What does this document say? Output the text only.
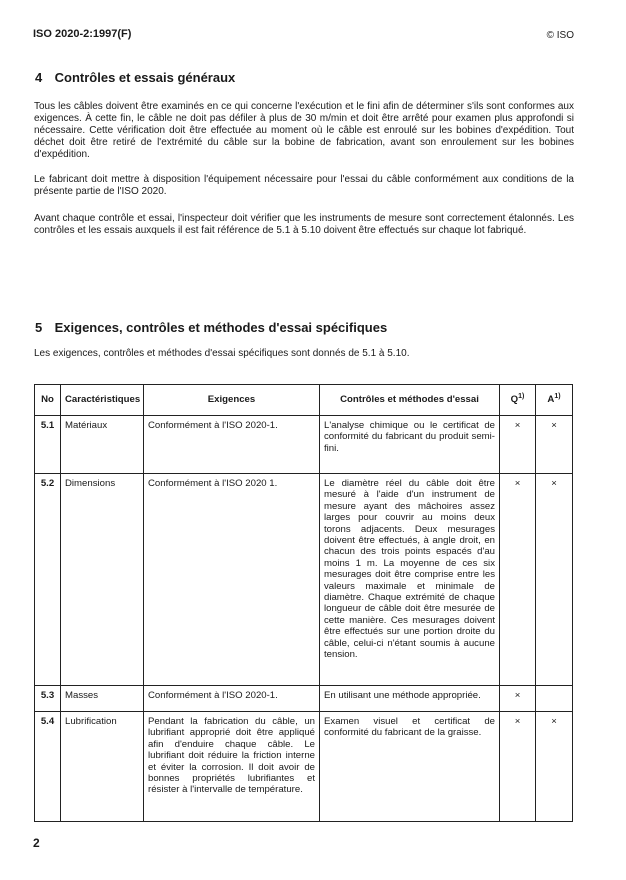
ISO 2020-2:1997(F)	© ISO
4 Contrôles et essais généraux

Tous les câbles doivent être examinés en ce qui concerne l'exécution et le fini afin de déterminer s'ils sont conformes aux exigences. À cette fin, le câble ne doit pas défiler à plus de 30 m/min et doit être arrêté pour examen plus approfondi si nécessaire. Cette vérification doit être effectuée au moment où le câble est enroulé sur les bobines d'expédition. Tout déchet doit être retiré de l'extrémité du câble sur la bobine de fabrication, avant son enroulement sur les bobines d'expédition.

Le fabricant doit mettre à disposition l'équipement nécessaire pour l'essai du câble conformément aux conditions de la présente partie de l'ISO 2020.

Avant chaque contrôle et essai, l'inspecteur doit vérifier que les instruments de mesure sont correctement étalonnés. Les contrôles et les essais auxquels il est fait référence de 5.1 à 5.10 doivent être effectués sur chaque lot fabriqué.

5 Exigences, contrôles et méthodes d'essai spécifiques

Les exigences, contrôles et méthodes d'essai spécifiques sont donnés de 5.1 à 5.10.

No	Caractéristiques	Exigences	Contrôles et méthodes d'essai	$Q^{1)}$	$A^{1)}$
5.1	Matériaux	Conformément à l'ISO 2020-1.	L'analyse chimique ou le certificat de conformité du fabricant du produit semi-fini.	×	×
5.2	Dimensions	Conformément à l'ISO 2020 1.	Le diamètre réel du câble doit être mesuré à l'aide d'un instrument de mesure ayant des mâchoires assez larges pour couvrir au moins deux torons adjacents. Deux mesurages doivent être effectués, à angle droit, en chacun des trois points espacés d'au moins 1 m. La moyenne de ces six mesurages doit être comprise entre les valeurs maximale et minimale de diamètre. Chaque extrémité de chaque longueur de câble doit être mesurée de cette manière. Ces mesurages doivent être effectués sur une portion droite du câble, celui-ci n'étant soumis à aucune tension.	×	×
5.3	Masses	Conformément à l'ISO 2020-1.	En utilisant une méthode appropriée.	×	
5.4	Lubrification	Pendant la fabrication du câble, un lubrifiant approprié doit être appliqué afin d'enduire chaque câble. Le lubrifiant doit réduire la friction interne et éviter la corrosion. Il doit avoir de bonnes propriétés lubrifiantes et résister à l'intervalle de température.	Examen visuel et certificat de conformité du fabricant de la graisse.	×	×
2
